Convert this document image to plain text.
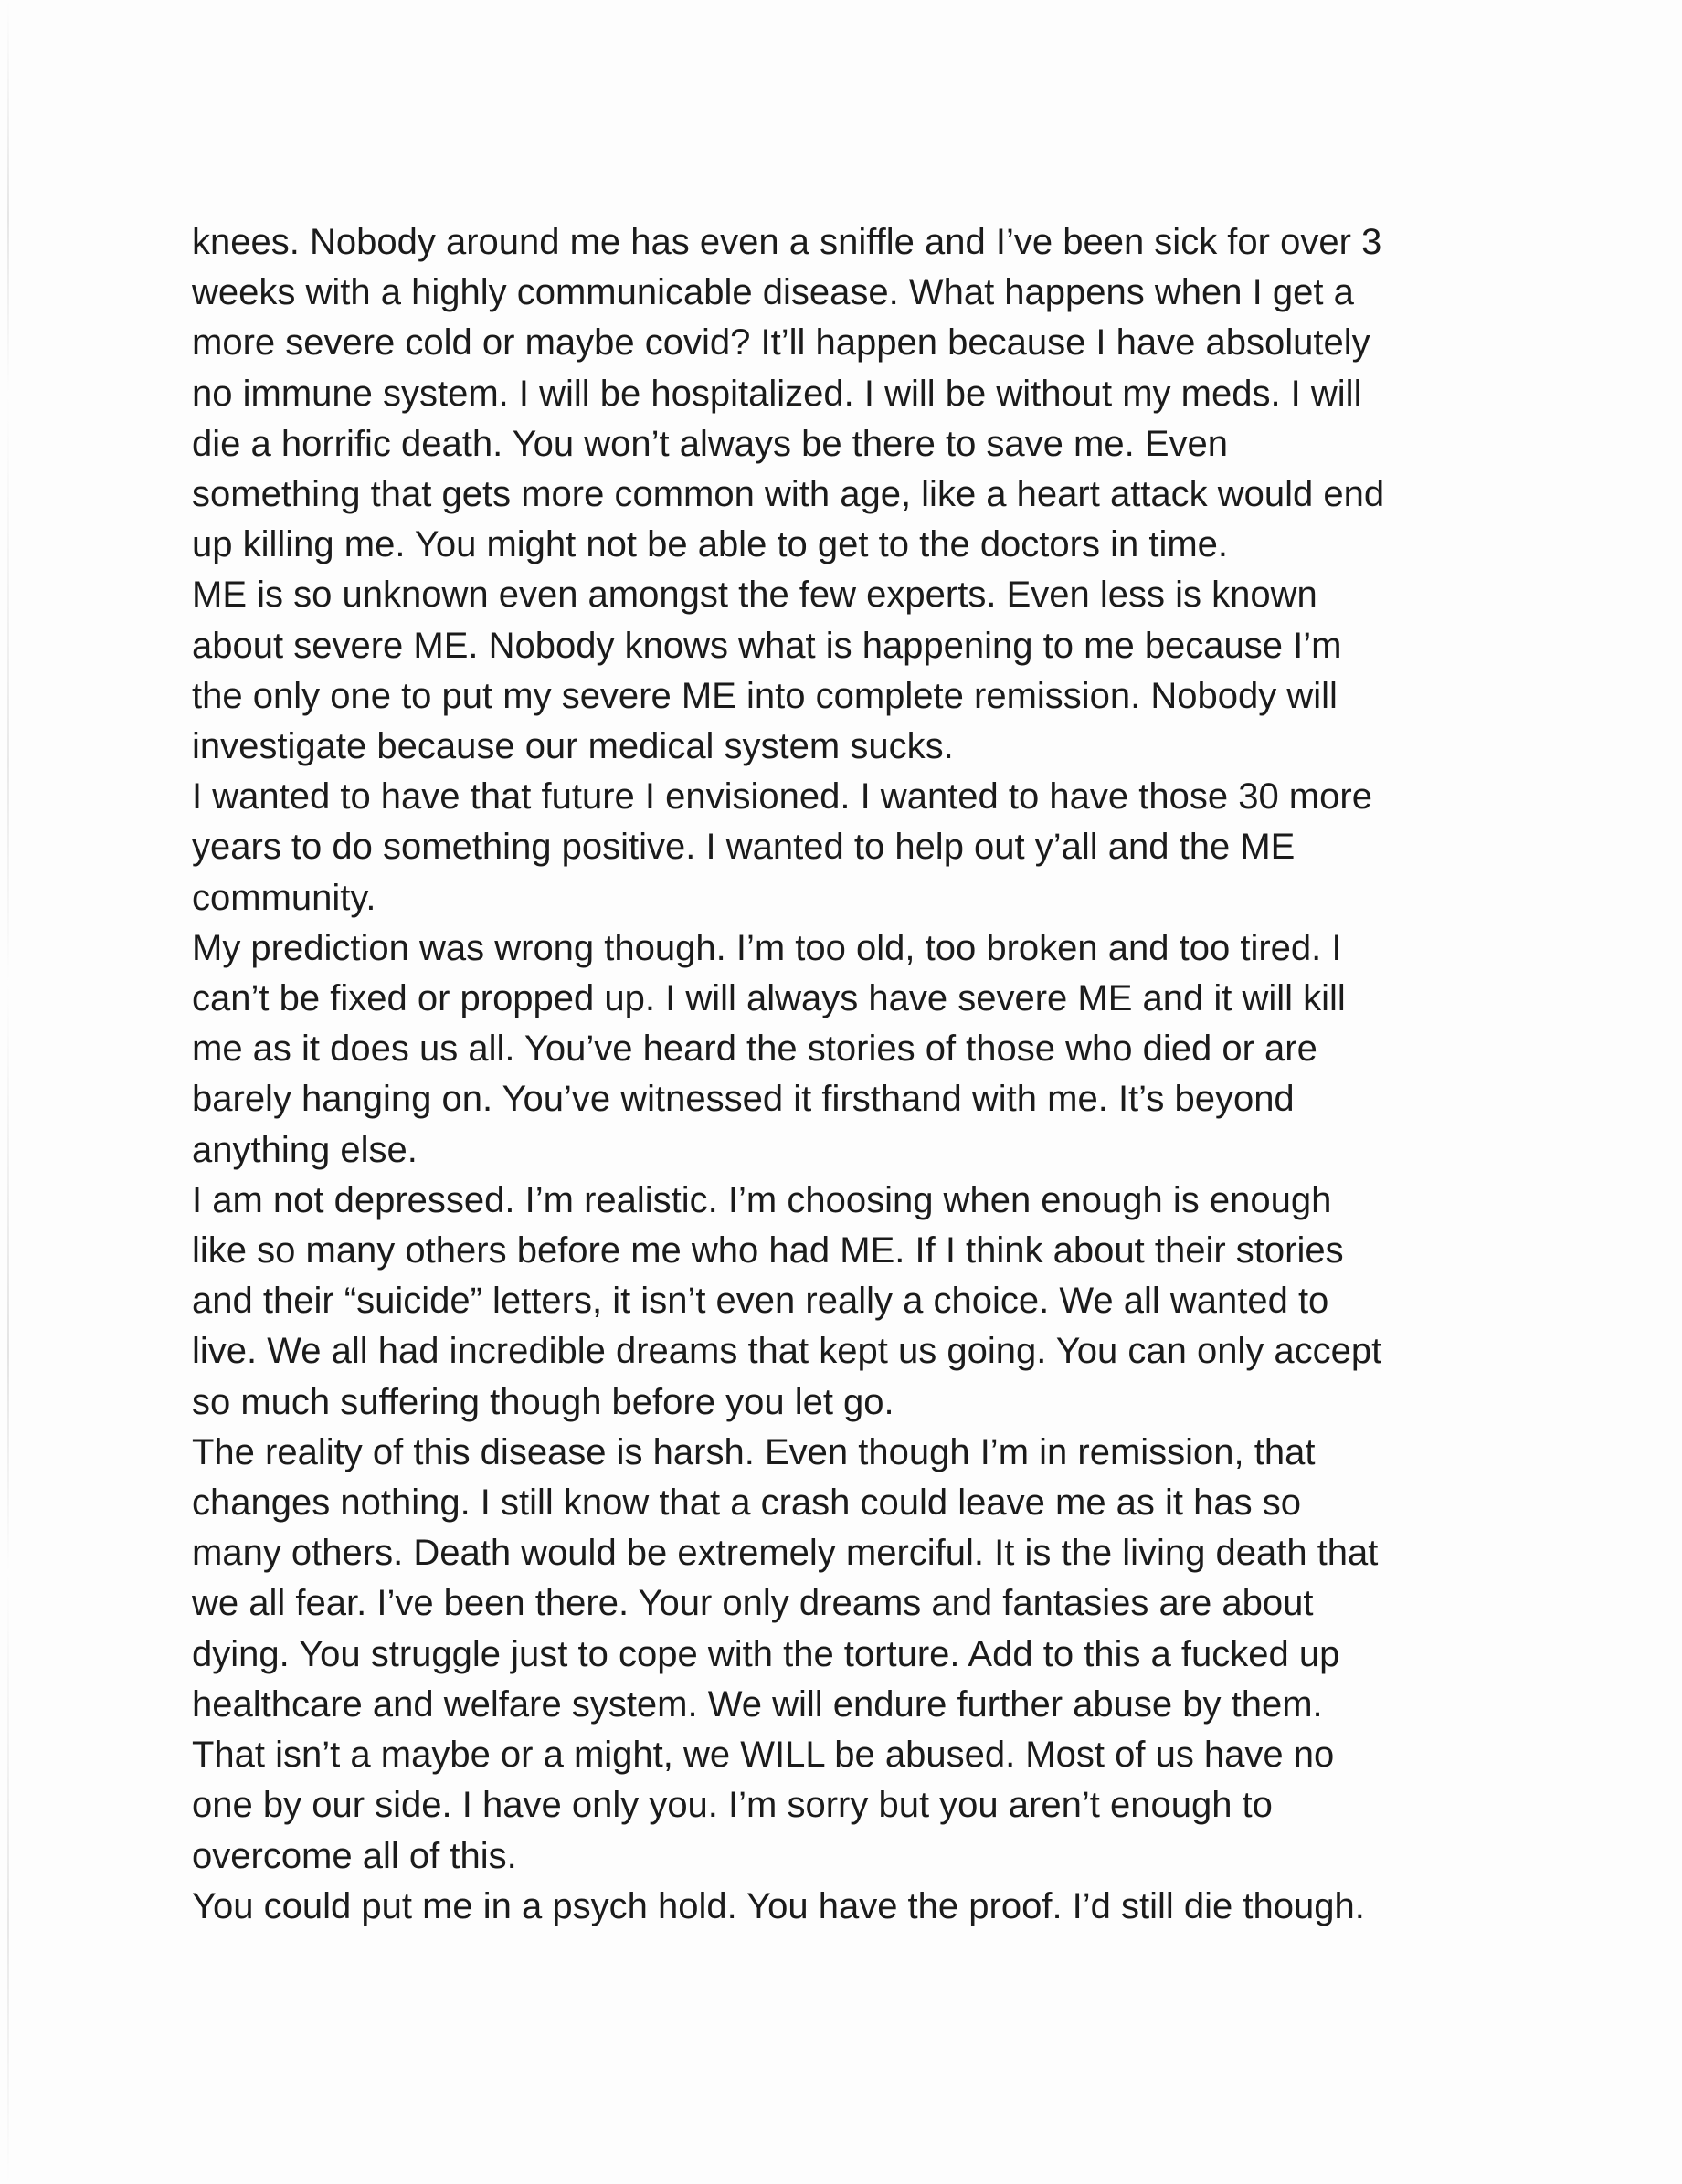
knees. Nobody around me has even a sniffle and I’ve been sick for over 3
weeks with a highly communicable disease. What happens when I get a
more severe cold or maybe covid? It’ll happen because I have absolutely
no immune system. I will be hospitalized. I will be without my meds. I will
die a horrific death. You won’t always be there to save me. Even
something that gets more common with age, like a heart attack would end
up killing me. You might not be able to get to the doctors in time.
ME is so unknown even amongst the few experts. Even less is known
about severe ME. Nobody knows what is happening to me because I’m
the only one to put my severe ME into complete remission. Nobody will
investigate because our medical system sucks.
I wanted to have that future I envisioned. I wanted to have those 30 more
years to do something positive. I wanted to help out y’all and the ME
community.
My prediction was wrong though. I’m too old, too broken and too tired. I
can’t be fixed or propped up. I will always have severe ME and it will kill
me as it does us all. You’ve heard the stories of those who died or are
barely hanging on. You’ve witnessed it firsthand with me. It’s beyond
anything else.
I am not depressed. I’m realistic. I’m choosing when enough is enough
like so many others before me who had ME. If I think about their stories
and their “suicide” letters, it isn’t even really a choice. We all wanted to
live. We all had incredible dreams that kept us going. You can only accept
so much suffering though before you let go.
The reality of this disease is harsh. Even though I’m in remission, that
changes nothing. I still know that a crash could leave me as it has so
many others. Death would be extremely merciful. It is the living death that
we all fear. I’ve been there. Your only dreams and fantasies are about
dying. You struggle just to cope with the torture. Add to this a fucked up
healthcare and welfare system. We will endure further abuse by them.
That isn’t a maybe or a might, we WILL be abused. Most of us have no
one by our side. I have only you. I’m sorry but you aren’t enough to
overcome all of this.
You could put me in a psych hold. You have the proof. I’d still die though.
